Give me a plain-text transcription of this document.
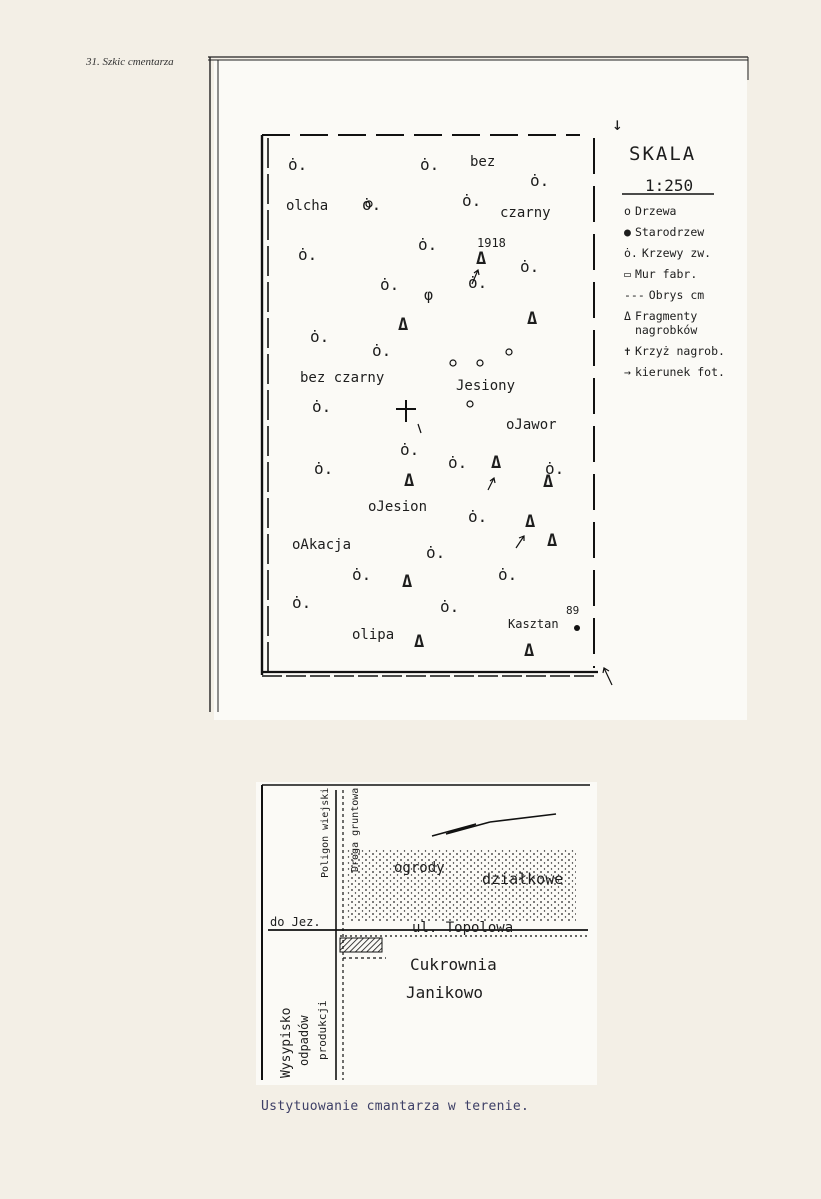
31. Szkic cmentarza
ȯ.	ȯ.
ȯ.
ȯ.	ȯ.
ȯ.
ȯ.
ȯ.
ȯ.	ȯ.
ȯ.
ȯ.
ȯ.
ȯ.
ȯ.
ȯ.	ȯ.
ȯ.
ȯ.
ȯ.	ȯ.
ȯ.	ȯ.
Δ
Δ	Δ
Δ
Δ	Δ
Δ
Δ
Δ
Δ	Δ
φ
↓
olcha
bez
czarny
1918
bez czarny	Jesiony
oJawor
oJesion
oAkacja
olipa
Kasztan
89
SKALA
1:250
o Drzewa
● Starodrzew
ȯ. Krzewy zw.
▭ Mur fabr.
--- Obrys cm
Δ Fragmenty nagrobków
✝ Krzyż nagrob.
→ kierunek fot.
Poligon wiejski Droga gruntowa ogrody
działkowe
do Jez.	ul. Topolowa
Cukrownia
Janikowo
Wysypisko odpadów produkcji
Ustytuowanie cmantarza w terenie.
